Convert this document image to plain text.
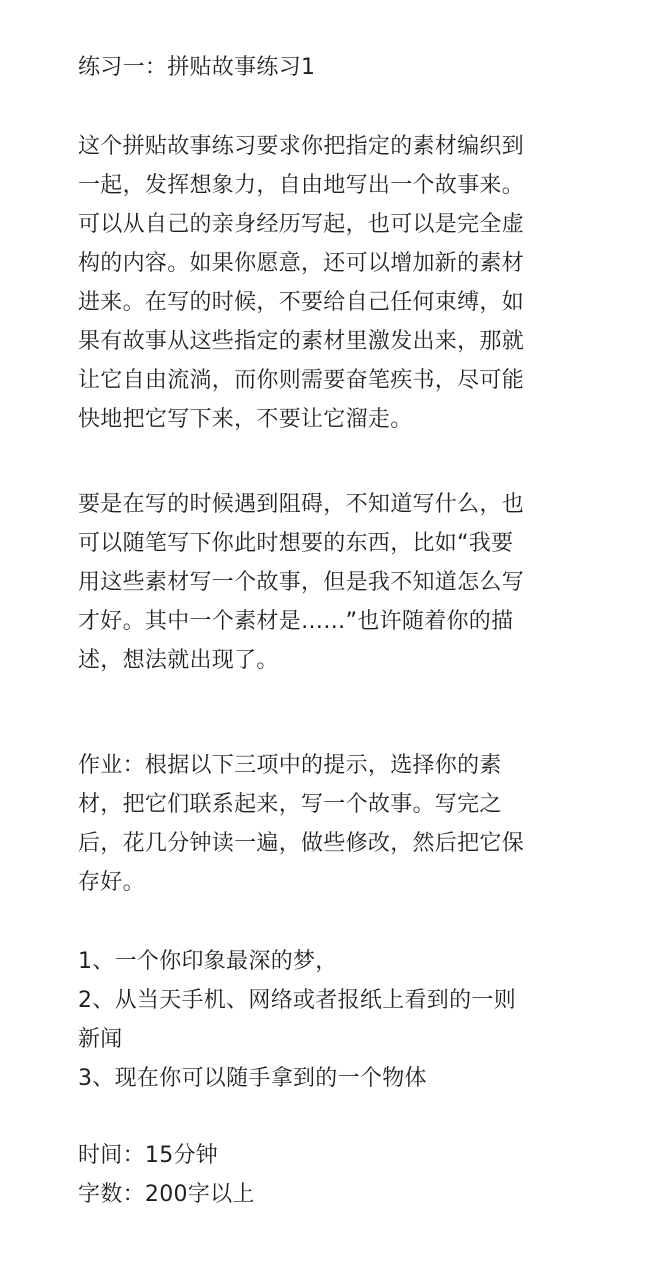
练习一：拼贴故事练习1
这个拼贴故事练习要求你把指定的素材编织到
一起，发挥想象力，自由地写出一个故事来。
可以从自己的亲身经历写起，也可以是完全虚
构的内容。如果你愿意，还可以增加新的素材
进来。在写的时候，不要给自己任何束缚，如
果有故事从这些指定的素材里激发出来，那就
让它自由流淌，而你则需要奋笔疾书，尽可能
快地把它写下来，不要让它溜走。
要是在写的时候遇到阻碍，不知道写什么，也
可以随笔写下你此时想要的东西，比如“我要
用这些素材写一个故事，但是我不知道怎么写
才好。其中一个素材是……”也许随着你的描
述，想法就出现了。
作业：根据以下三项中的提示，选择你的素
材，把它们联系起来，写一个故事。写完之
后，花几分钟读一遍，做些修改，然后把它保
存好。
1、一个你印象最深的梦，
2、从当天手机、网络或者报纸上看到的一则
新闻
3、现在你可以随手拿到的一个物体
时间：15分钟
字数：200字以上
